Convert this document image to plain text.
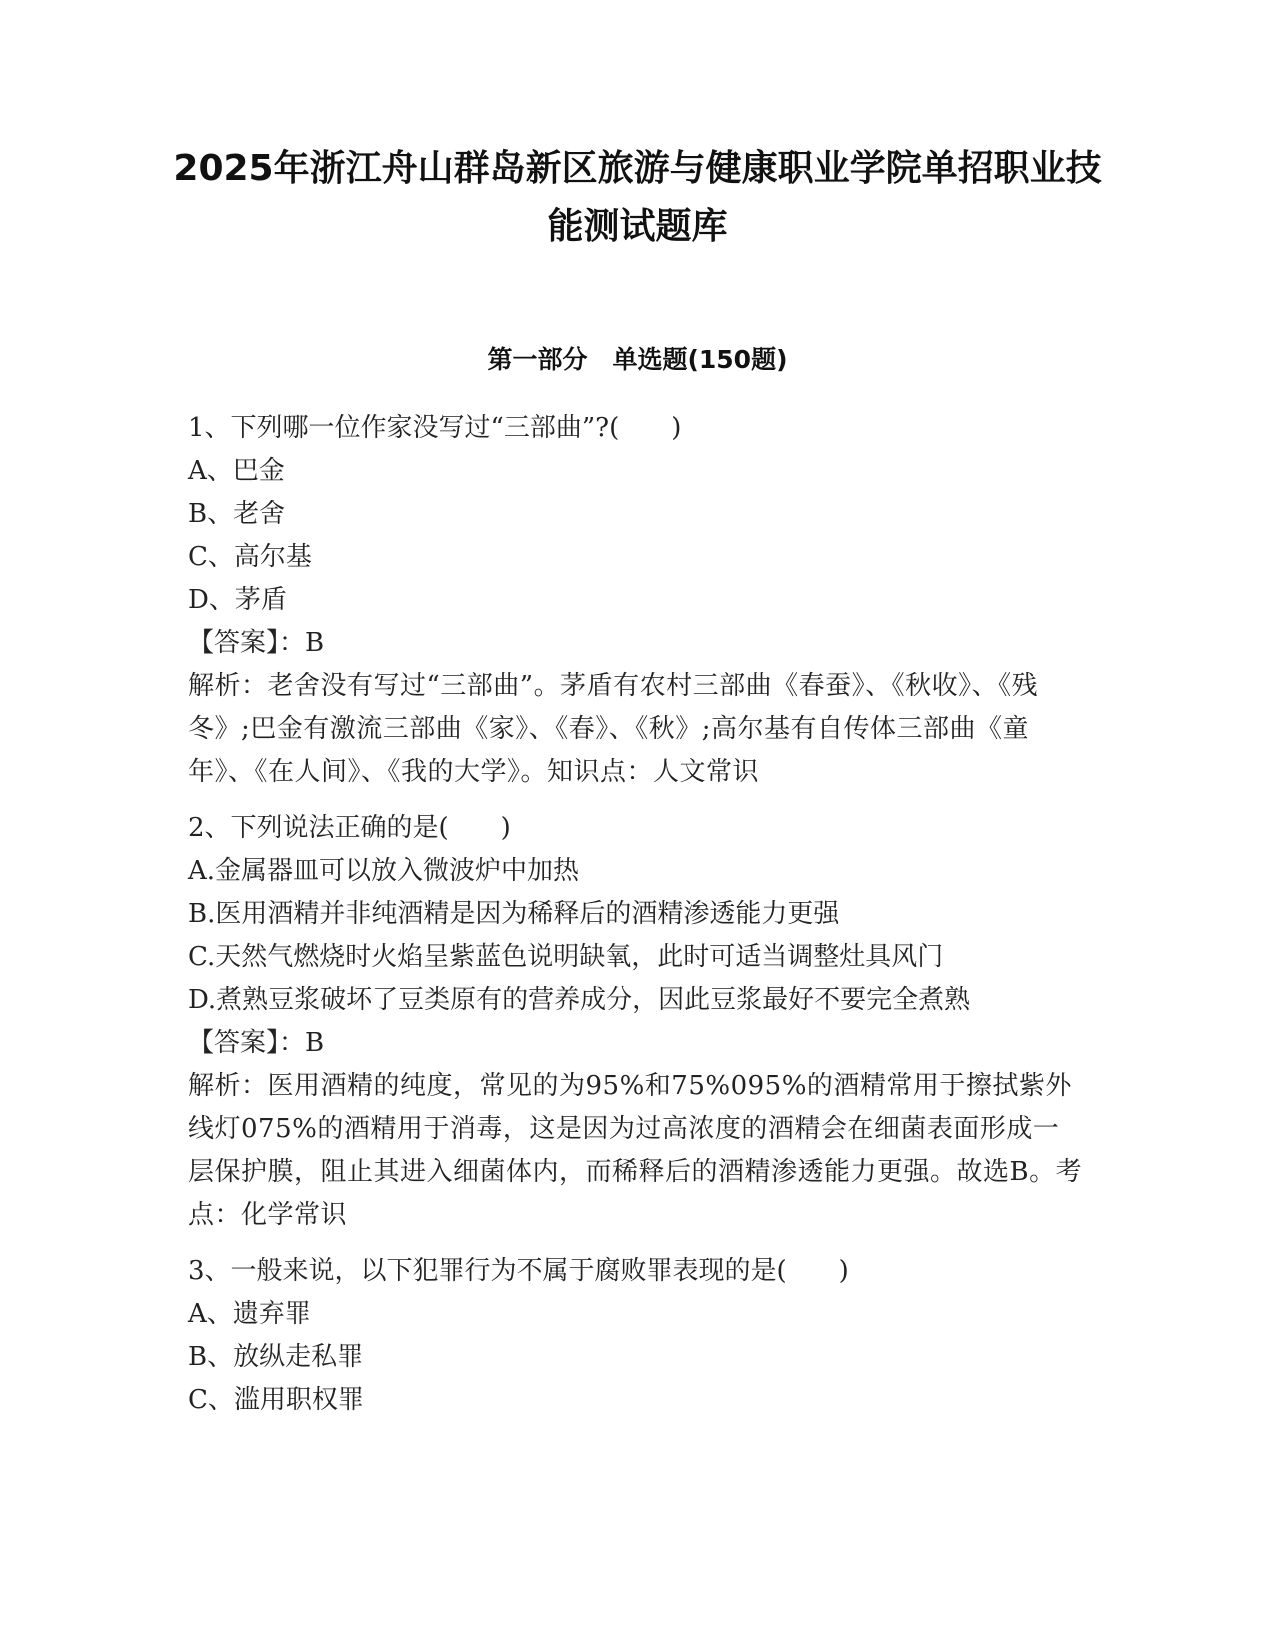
2025年浙江舟山群岛新区旅游与健康职业学院单招职业技能测试题库
第一部分　单选题(150题)
1、下列哪一位作家没写过“三部曲”?(　　)
A、巴金
B、老舍
C、高尔基
D、茅盾
【答案】：B
解析：老舍没有写过“三部曲”。茅盾有农村三部曲《春蚕》、《秋收》、《残冬》;巴金有激流三部曲《家》、《春》、《秋》;高尔基有自传体三部曲《童年》、《在人间》、《我的大学》。知识点：人文常识
2、下列说法正确的是(　　)
A.金属器皿可以放入微波炉中加热
B.医用酒精并非纯酒精是因为稀释后的酒精渗透能力更强
C.天然气燃烧时火焰呈紫蓝色说明缺氧，此时可适当调整灶具风门
D.煮熟豆浆破坏了豆类原有的营养成分，因此豆浆最好不要完全煮熟
【答案】：B
解析：医用酒精的纯度，常见的为95%和75%095%的酒精常用于擦拭紫外线灯075%的酒精用于消毒，这是因为过高浓度的酒精会在细菌表面形成一层保护膜，阻止其进入细菌体内，而稀释后的酒精渗透能力更强。故选B。考点：化学常识
3、一般来说，以下犯罪行为不属于腐败罪表现的是(　　)
A、遗弃罪
B、放纵走私罪
C、滥用职权罪
